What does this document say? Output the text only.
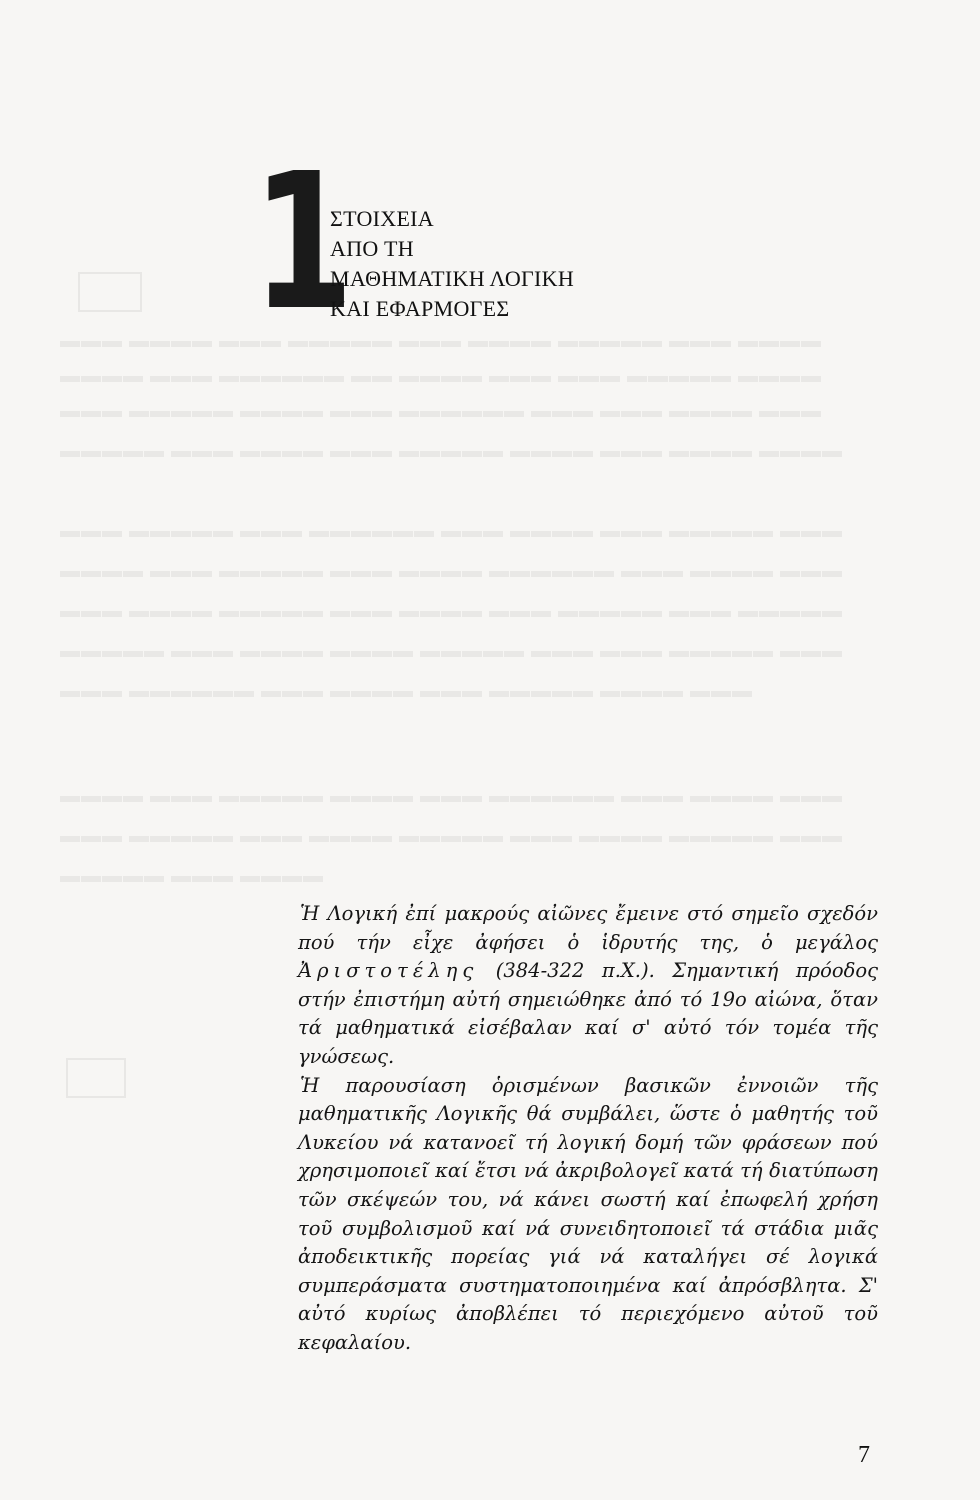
▬▬▬ ▬▬▬▬ ▬▬▬ ▬▬▬▬▬ ▬▬▬ ▬▬▬▬ ▬▬▬▬▬ ▬▬▬ ▬▬▬▬
▬▬▬▬ ▬▬▬ ▬▬▬▬▬▬ ▬▬ ▬▬▬▬ ▬▬▬ ▬▬▬ ▬▬▬▬▬ ▬▬▬▬
▬▬▬ ▬▬▬▬▬ ▬▬▬▬ ▬▬▬ ▬▬▬▬▬▬ ▬▬▬ ▬▬▬ ▬▬▬▬ ▬▬▬
▬▬▬▬▬ ▬▬▬ ▬▬▬▬ ▬▬▬ ▬▬▬▬▬ ▬▬▬▬ ▬▬▬ ▬▬▬▬ ▬▬▬▬
▬▬▬ ▬▬▬▬▬ ▬▬▬ ▬▬▬▬▬▬ ▬▬▬ ▬▬▬▬ ▬▬▬ ▬▬▬▬▬ ▬▬▬
▬▬▬▬ ▬▬▬ ▬▬▬▬▬ ▬▬▬ ▬▬▬▬ ▬▬▬▬▬▬ ▬▬▬ ▬▬▬▬ ▬▬▬
▬▬▬ ▬▬▬▬ ▬▬▬▬▬ ▬▬▬ ▬▬▬▬ ▬▬▬ ▬▬▬▬▬ ▬▬▬ ▬▬▬▬▬
▬▬▬▬▬ ▬▬▬ ▬▬▬▬ ▬▬▬▬ ▬▬▬▬▬ ▬▬▬ ▬▬▬ ▬▬▬▬▬ ▬▬▬
▬▬▬ ▬▬▬▬▬▬ ▬▬▬ ▬▬▬▬ ▬▬▬ ▬▬▬▬▬ ▬▬▬▬ ▬▬▬
▬▬▬▬ ▬▬▬ ▬▬▬▬▬ ▬▬▬▬ ▬▬▬ ▬▬▬▬▬▬ ▬▬▬ ▬▬▬▬ ▬▬▬
▬▬▬ ▬▬▬▬▬ ▬▬▬ ▬▬▬▬ ▬▬▬▬▬ ▬▬▬ ▬▬▬▬ ▬▬▬▬▬ ▬▬▬
▬▬▬▬▬ ▬▬▬ ▬▬▬▬
1
ΣΤΟΙΧΕΙΑ
ΑΠΟ ΤΗ
ΜΑΘΗΜΑΤΙΚΗ ΛΟΓΙΚΗ
ΚΑΙ ΕΦΑΡΜΟΓΕΣ

Ἡ Λογική ἐπί μακρούς αἰῶνες ἔμεινε στό σημεῖο σχεδόν πού τήν εἶχε ἀφήσει ὁ ἱδρυτής της, ὁ μεγάλος Ἀριστοτέλης (384-322 π.Χ.). Σημαντική πρόοδος στήν ἐπιστήμη αὐτή σημειώθηκε ἀπό τό 19ο αἰώνα, ὅταν τά μαθηματικά εἰσέβαλαν καί σ' αὐτό τόν τομέα τῆς γνώσεως.

Ἡ παρουσίαση ὁρισμένων βασικῶν ἐννοιῶν τῆς μαθηματικῆς Λογικῆς θά συμβάλει, ὥστε ὁ μαθητής τοῦ Λυκείου νά κατανοεῖ τή λογική δομή τῶν φράσεων πού χρησιμοποιεῖ καί ἔτσι νά ἀκριβολογεῖ κατά τή διατύπωση τῶν σκέψεών του, νά κάνει σωστή καί ἐπωφελή χρήση τοῦ συμβολισμοῦ καί νά συνειδητοποιεῖ τά στάδια μιᾶς ἀποδεικτικῆς πορείας γιά νά καταλήγει σέ λογικά συμπεράσματα συστηματοποιημένα καί ἀπρόσβλητα. Σ' αὐτό κυρίως ἀποβλέπει τό περιεχόμενο αὐτοῦ τοῦ κεφαλαίου.

7
